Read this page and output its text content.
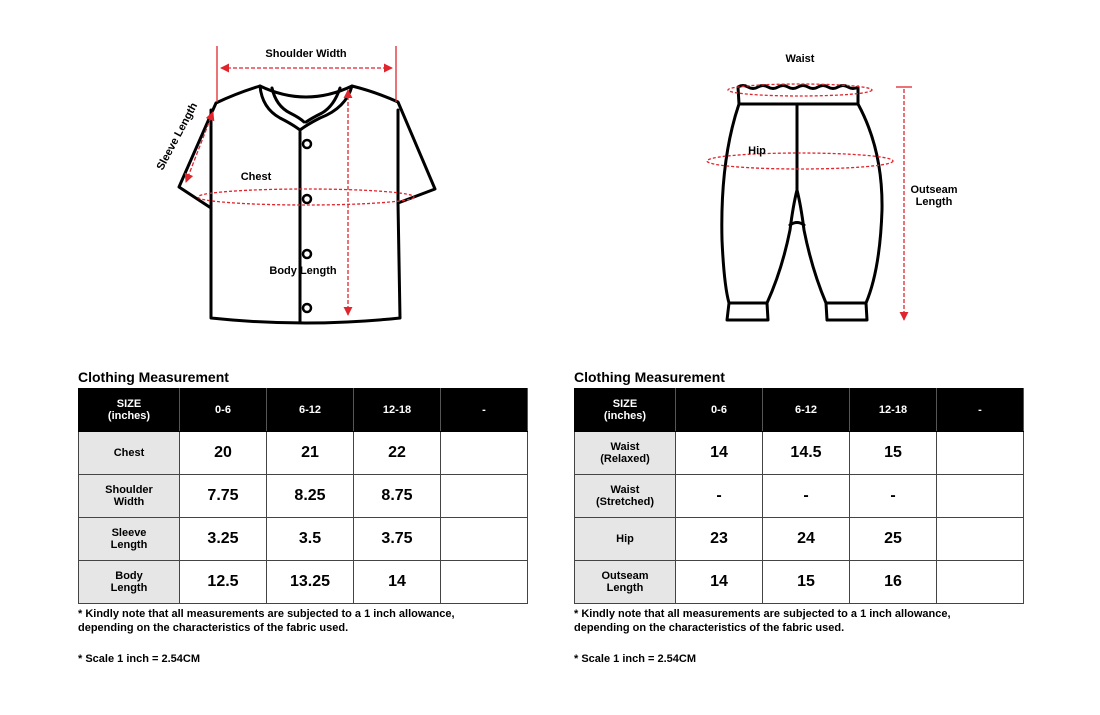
Shoulder Width
Sleeve Length
Chest
Body Length
Waist
Hip
Outseam
Length
Clothing Measurement
SIZE
(inches)	0-6	6-12	12-18	-
Chest	20	21	22	
Shoulder
Width	7.75	8.25	8.75	
Sleeve
Length	3.25	3.5	3.75	
Body
Length	12.5	13.25	14	
* Kindly note that all measurements are subjected to a 1 inch allowance,
depending on the characteristics of the fabric used.
* Scale 1 inch = 2.54CM
Clothing Measurement
SIZE
(inches)	0-6	6-12	12-18	-
Waist
(Relaxed)	14	14.5	15	
Waist
(Stretched)	-	-	-	
Hip	23	24	25	
Outseam
Length	14	15	16	
* Kindly note that all measurements are subjected to a 1 inch allowance,
depending on the characteristics of the fabric used.
* Scale 1 inch = 2.54CM
